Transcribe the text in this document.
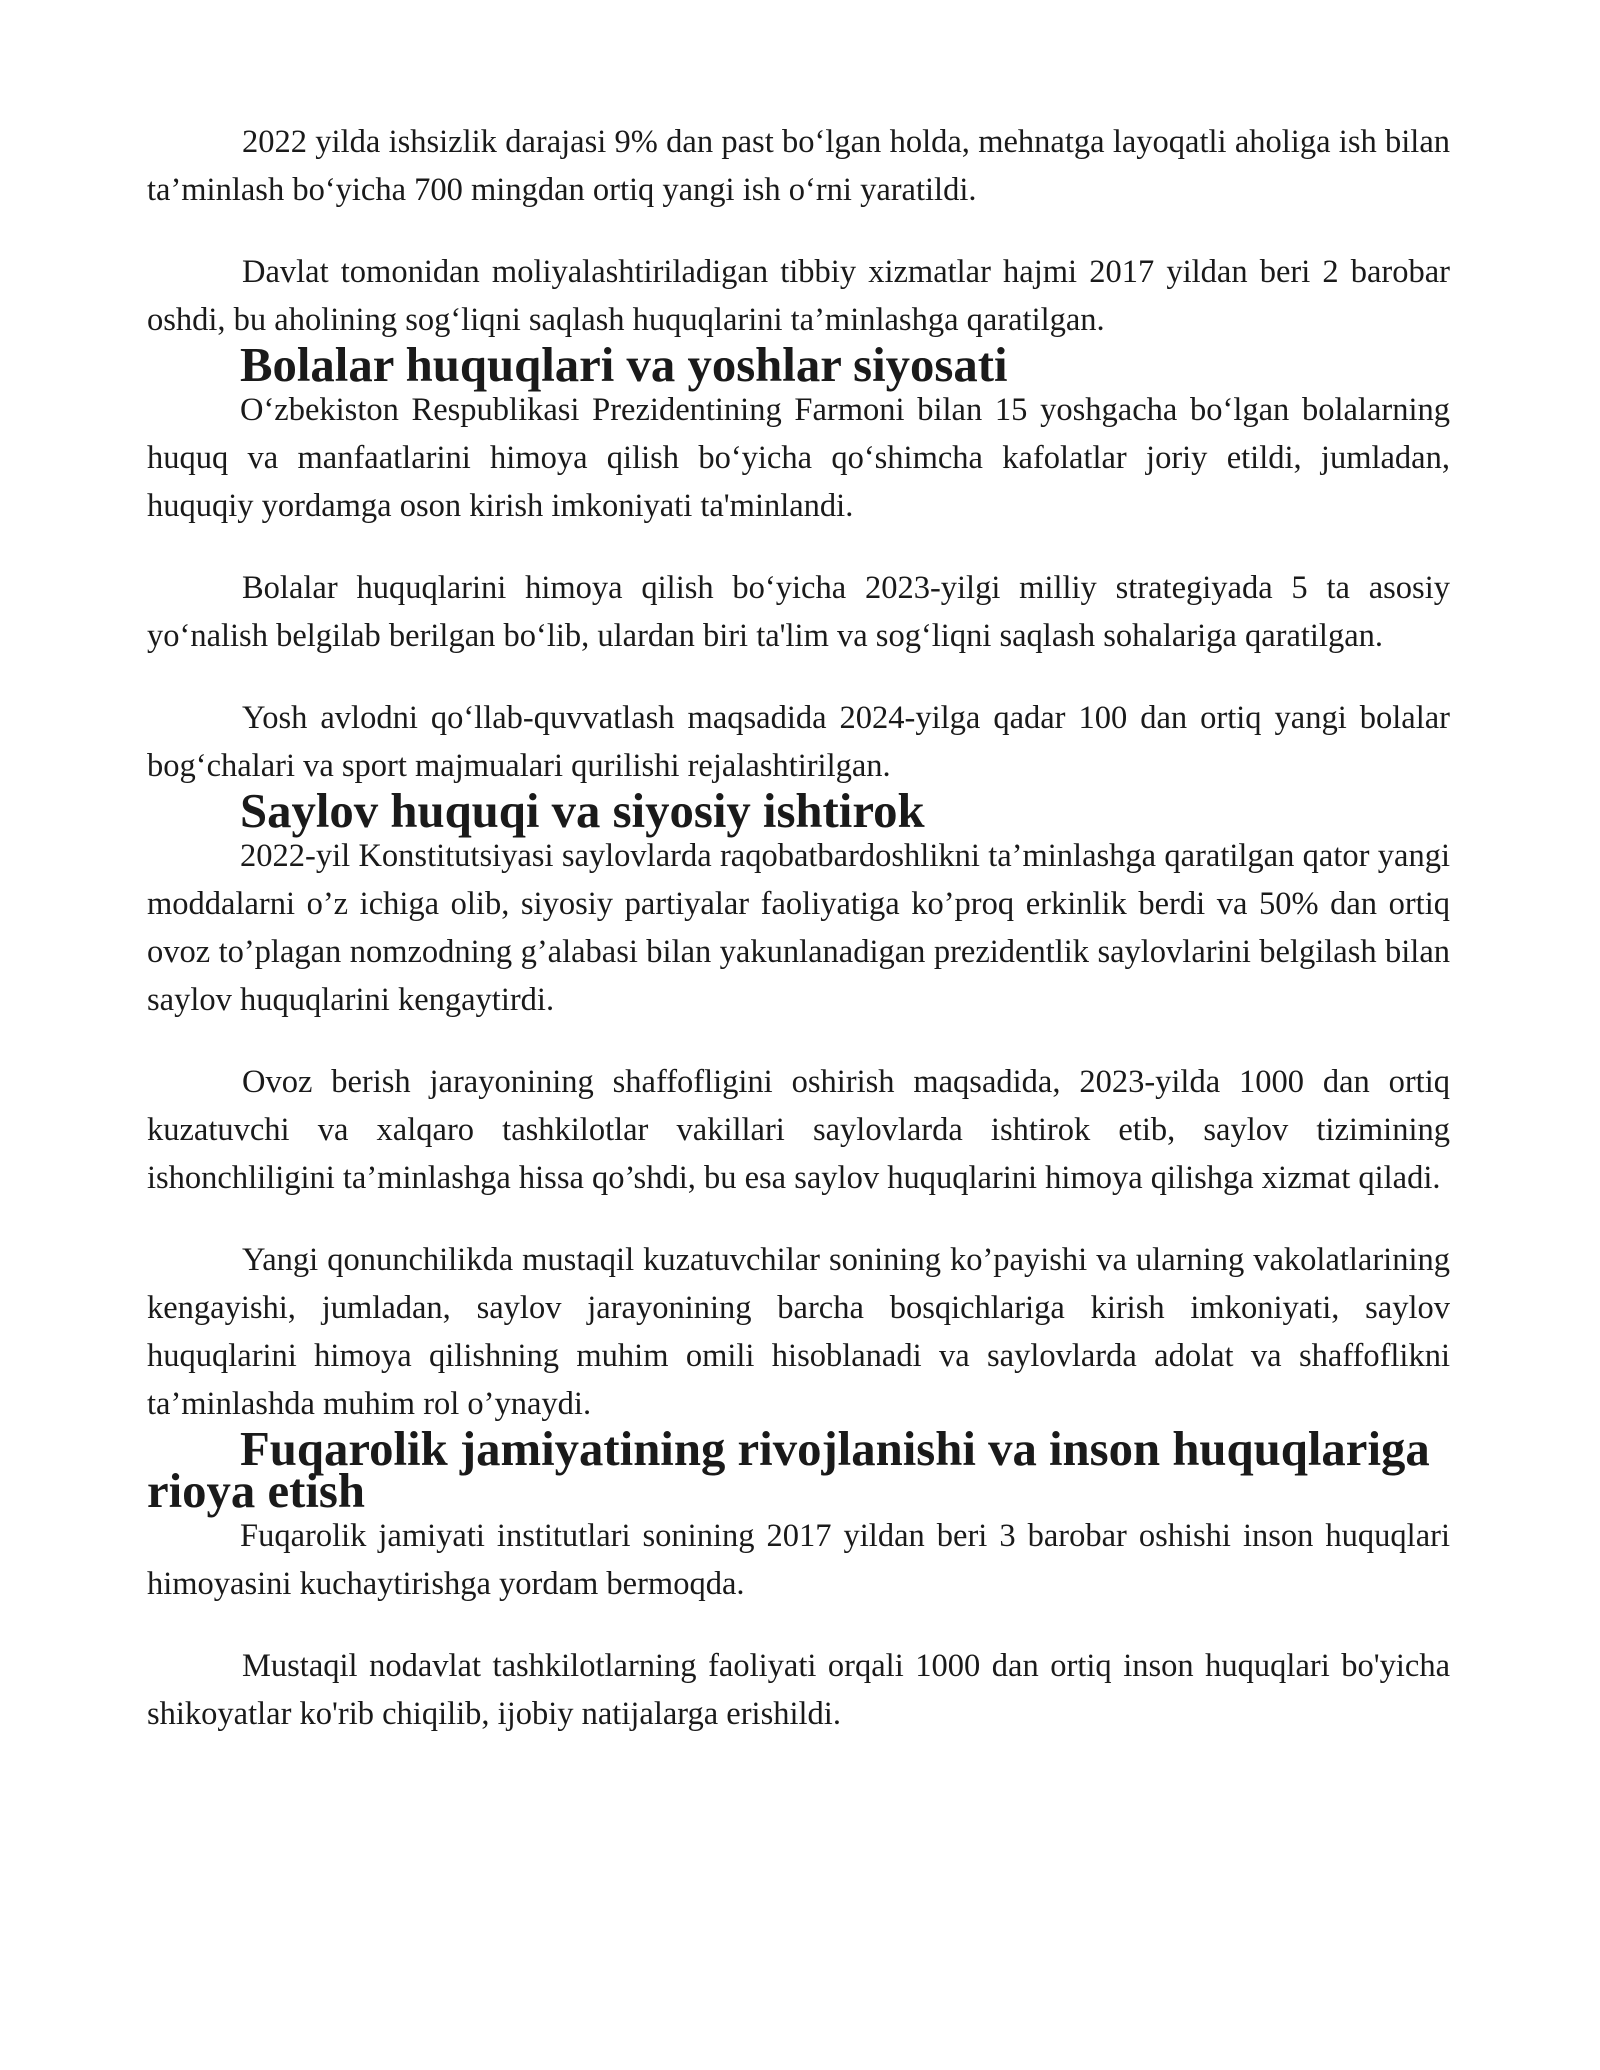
2022 yilda ishsizlik darajasi 9% dan past bo‘lgan holda, mehnatga layoqatli aholiga ish bilan ta’minlash bo‘yicha 700 mingdan ortiq yangi ish o‘rni yaratildi.

Davlat tomonidan moliyalashtiriladigan tibbiy xizmatlar hajmi 2017 yildan beri 2 barobar oshdi, bu aholining sog‘liqni saqlash huquqlarini ta’minlashga qaratilgan.

Bolalar huquqlari va yoshlar siyosati

O‘zbekiston Respublikasi Prezidentining Farmoni bilan 15 yoshgacha bo‘lgan bolalarning huquq va manfaatlarini himoya qilish bo‘yicha qo‘shimcha kafolatlar joriy etildi, jumladan, huquqiy yordamga oson kirish imkoniyati ta'minlandi.

Bolalar huquqlarini himoya qilish bo‘yicha 2023-yilgi milliy strategiyada 5 ta asosiy yo‘nalish belgilab berilgan bo‘lib, ulardan biri ta'lim va sog‘liqni saqlash sohalariga qaratilgan.

Yosh avlodni qo‘llab-quvvatlash maqsadida 2024-yilga qadar 100 dan ortiq yangi bolalar bog‘chalari va sport majmualari qurilishi rejalashtirilgan.

Saylov huquqi va siyosiy ishtirok

2022-yil Konstitutsiyasi saylovlarda raqobatbardoshlikni ta’minlashga qaratilgan qator yangi moddalarni o’z ichiga olib, siyosiy partiyalar faoliyatiga ko’proq erkinlik berdi va 50% dan ortiq ovoz to’plagan nomzodning g’alabasi bilan yakunlanadigan prezidentlik saylovlarini belgilash bilan saylov huquqlarini kengaytirdi.

Ovoz berish jarayonining shaffofligini oshirish maqsadida, 2023-yilda 1000 dan ortiq kuzatuvchi va xalqaro tashkilotlar vakillari saylovlarda ishtirok etib, saylov tizimining ishonchliligini ta’minlashga hissa qo’shdi, bu esa saylov huquqlarini himoya qilishga xizmat qiladi.

Yangi qonunchilikda mustaqil kuzatuvchilar sonining ko’payishi va ularning vakolatlarining kengayishi, jumladan, saylov jarayonining barcha bosqichlariga kirish imkoniyati, saylov huquqlarini himoya qilishning muhim omili hisoblanadi va saylovlarda adolat va shaffoflikni ta’minlashda muhim rol o’ynaydi.

Fuqarolik jamiyatining rivojlanishi va inson huquqlariga rioya etish

Fuqarolik jamiyati institutlari sonining 2017 yildan beri 3 barobar oshishi inson huquqlari himoyasini kuchaytirishga yordam bermoqda.

Mustaqil nodavlat tashkilotlarning faoliyati orqali 1000 dan ortiq inson huquqlari bo'yicha shikoyatlar ko'rib chiqilib, ijobiy natijalarga erishildi.
